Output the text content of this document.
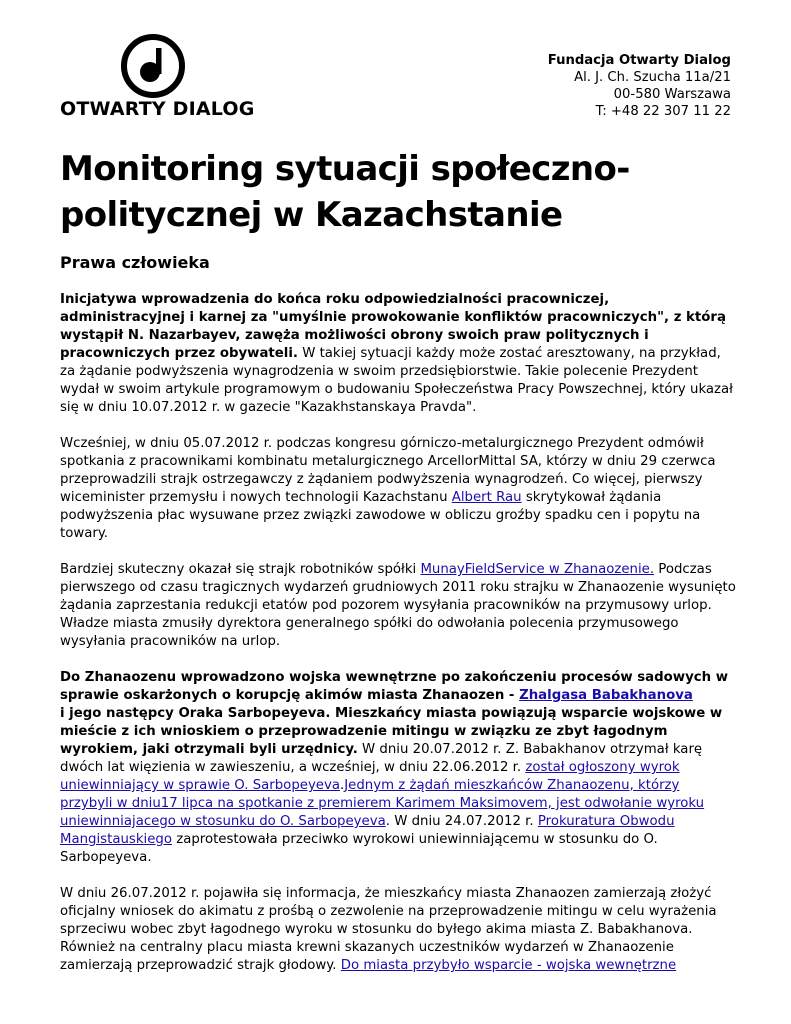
OTWARTY DIALOG
Fundacja Otwarty Dialog
Al. J. Ch. Szucha 11a/21
00-580 Warszawa
T: +48 22 307 11 22
Monitoring sytuacji społeczno-
politycznej w Kazachstanie
Prawa człowieka

Inicjatywa wprowadzenia do końca roku odpowiedzialności pracowniczej, administracyjnej i karnej za "umyślnie prowokowanie konfliktów pracowniczych", z którą wystąpił N. Nazarbayev, zawęża możliwości obrony swoich praw politycznych i pracowniczych przez obywateli. W takiej sytuacji każdy może zostać aresztowany, na przykład, za żądanie podwyższenia wynagrodzenia w swoim przedsiębiorstwie. Takie polecenie Prezydent wydał w swoim artykule programowym o budowaniu Społeczeństwa Pracy Powszechnej, który ukazał się w dniu 10.07.2012 r. w gazecie "Kazakhstanskaya Pravda".

Wcześniej, w dniu 05.07.2012 r. podczas kongresu górniczo-metalurgicznego Prezydent odmówił spotkania z pracownikami kombinatu metalurgicznego ArcellorMittal SA, którzy w dniu 29 czerwca przeprowadzili strajk ostrzegawczy z żądaniem podwyższenia wynagrodzeń. Co więcej, pierwszy wiceminister przemysłu i nowych technologii Kazachstanu Albert Rau skrytykował żądania podwyższenia płac wysuwane przez związki zawodowe w obliczu groźby spadku cen i popytu na towary.

Bardziej skuteczny okazał się strajk robotników spółki MunayFieldService w Zhanaozenie. Podczas pierwszego od czasu tragicznych wydarzeń grudniowych 2011 roku strajku w Zhanaozenie wysunięto żądania zaprzestania redukcji etatów pod pozorem wysyłania pracowników na przymusowy urlop. Władze miasta zmusiły dyrektora generalnego spółki do odwołania polecenia przymusowego wysyłania pracowników na urlop.

Do Zhanaozenu wprowadzono wojska wewnętrzne po zakończeniu procesów sadowych w sprawie oskarżonych o korupcję akimów miasta Zhanaozen - Zhalgasa Babakhanova
i jego następcy Oraka Sarbopeyeva. Mieszkańcy miasta powiązują wsparcie wojskowe w mieście z ich wnioskiem o przeprowadzenie mitingu w związku ze zbyt łagodnym wyrokiem, jaki otrzymali byli urzędnicy. W dniu 20.07.2012 r. Z. Babakhanov otrzymał karę dwóch lat więzienia w zawieszeniu, a wcześniej, w dniu 22.06.2012 r. został ogłoszony wyrok uniewinniający w sprawie O. Sarbopeyeva.Jednym z żądań mieszkańców Zhanaozenu, którzy przybyli w dniu17 lipca na spotkanie z premierem Karimem Maksimovem, jest odwołanie wyroku uniewinniajacego w stosunku do O. Sarbopeyeva. W dniu 24.07.2012 r. Prokuratura Obwodu Mangistauskiego zaprotestowała przeciwko wyrokowi uniewinniającemu w stosunku do O. Sarbopeyeva.

W dniu 26.07.2012 r. pojawiła się informacja, że mieszkańcy miasta Zhanaozen zamierzają złożyć oficjalny wniosek do akimatu z prośbą o zezwolenie na przeprowadzenie mitingu w celu wyrażenia sprzeciwu wobec zbyt łagodnego wyroku w stosunku do byłego akima miasta Z. Babakhanova. Również na centralny placu miasta krewni skazanych uczestników wydarzeń w Zhanaozenie zamierzają przeprowadzić strajk głodowy. Do miasta przybyło wsparcie - wojska wewnętrzne
